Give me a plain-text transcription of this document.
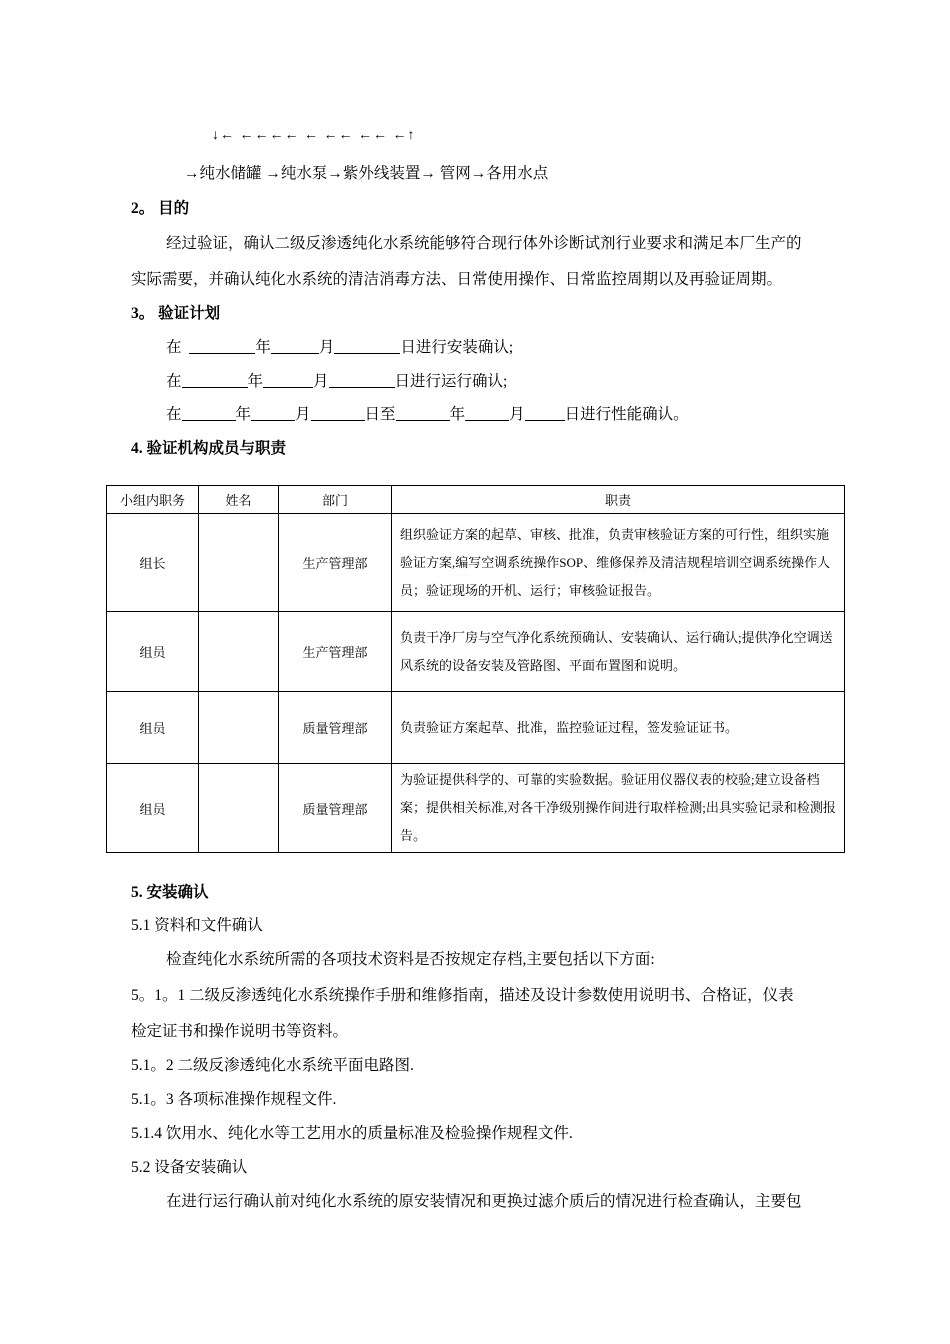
↓← ←←←← ← ←← ←← ←↑
→纯水储罐 →纯水泵→紫外线装置→ 管网→各用水点
2。 目的
经过验证，确认二级反渗透纯化水系统能够符合现行体外诊断试剂行业要求和满足本厂生产的
实际需要，并确认纯化水系统的清洁消毒方法、日常使用操作、日常监控周期以及再验证周期。
3。 验证计划
在	年	月	日进行安装确认;
在	年	月	日进行运行确认;
在	年	月	日至	年	月	日进行性能确认。
4. 验证机构成员与职责
小组内职务	姓名	部门	职责
组长		生产管理部	组织验证方案的起草、审核、批准，负责审核验证方案的可行性，组织实施验证方案,编写空调系统操作SOP、维修保养及清洁规程培训空调系统操作人员；验证现场的开机、运行；审核验证报告。
组员		生产管理部	负责干净厂房与空气净化系统预确认、安装确认、运行确认;提供净化空调送风系统的设备安装及管路图、平面布置图和说明。
组员		质量管理部	负责验证方案起草、批准，监控验证过程，签发验证证书。
组员		质量管理部	为验证提供科学的、可靠的实验数据。验证用仪器仪表的校验;建立设备档案；提供相关标准,对各干净级别操作间进行取样检测;出具实验记录和检测报告。
5. 安装确认
5.1 资料和文件确认
检查纯化水系统所需的各项技术资料是否按规定存档,主要包括以下方面:
5。1。1 二级反渗透纯化水系统操作手册和维修指南，描述及设计参数使用说明书、合格证，仪表
检定证书和操作说明书等资料。
5.1。2 二级反渗透纯化水系统平面电路图.
5.1。3 各项标准操作规程文件.
5.1.4 饮用水、纯化水等工艺用水的质量标准及检验操作规程文件.
5.2 设备安装确认
在进行运行确认前对纯化水系统的原安装情况和更换过滤介质后的情况进行检查确认，主要包
